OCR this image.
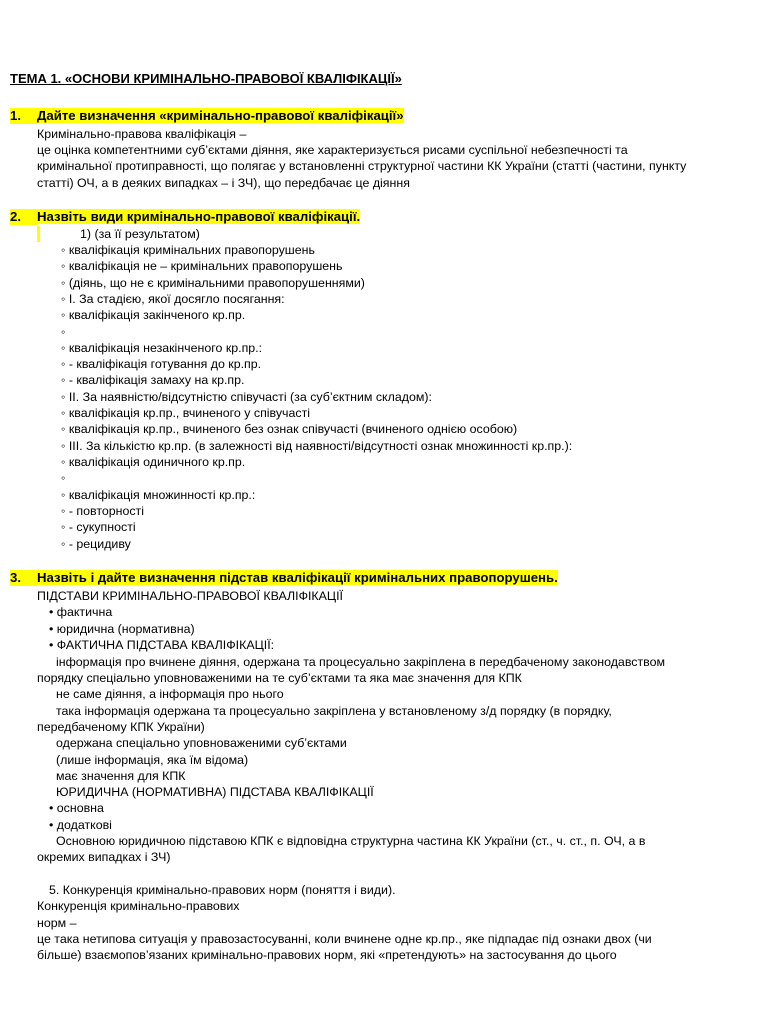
ТЕМА 1. «ОСНОВИ КРИМІНАЛЬНО-ПРАВОВОЇ КВАЛІФІКАЦІЇ»
1. Дайте визначення «кримінально-правової кваліфікації»
Кримінально-правова кваліфікація –
це оцінка компетентними суб’єктами діяння, яке характеризується рисами суспільної небезпечності та
кримінальної протиправності, що полягає у встановленні структурної частини КК України (статті (частини, пункту
статті) ОЧ, а в деяких випадках – і ЗЧ), що передбачає це діяння
2. Назвіть види кримінально-правової кваліфікації.
1) (за її результатом)
◦ кваліфікація кримінальних правопорушень
◦ кваліфікація не – кримінальних правопорушень
◦ (діянь, що не є кримінальними правопорушеннями)
◦ І. За стадією, якої досягло посягання:
◦ кваліфікація закінченого кр.пр.
◦
◦ кваліфікація незакінченого кр.пр.:
◦ - кваліфікація готування до кр.пр.
◦ - кваліфікація замаху на кр.пр.
◦ ІІ. За наявністю/відсутністю співучасті (за суб’єктним складом):
◦ кваліфікація кр.пр., вчиненого у співучасті
◦ кваліфікація кр.пр., вчиненого без ознак співучасті (вчиненого однією особою)
◦ ІІІ. За кількістю кр.пр. (в залежності від наявності/відсутності ознак множинності кр.пр.):
◦ кваліфікація одиничного кр.пр.
◦
◦ кваліфікація множинності кр.пр.:
◦ - повторності
◦ - сукупності
◦ - рецидиву
3. Назвіть і дайте визначення підстав кваліфікації кримінальних правопорушень.
ПІДСТАВИ КРИМІНАЛЬНО-ПРАВОВОЇ КВАЛІФІКАЦІЇ
• фактична
• юридична (нормативна)
• ФАКТИЧНА ПІДСТАВА КВАЛІФІКАЦІЇ:
інформація про вчинене діяння, одержана та процесуально закріплена в передбаченому законодавством
порядку спеціально уповноваженими на те суб’єктами та яка має значення для КПК
не саме діяння, а інформація про нього
така інформація одержана та процесуально закріплена у встановленому з/д порядку (в порядку,
передбаченому КПК України)
одержана спеціально уповноваженими суб’єктами
(лише інформація, яка їм відома)
має значення для КПК
ЮРИДИЧНА (НОРМАТИВНА) ПІДСТАВА КВАЛІФІКАЦІЇ
• основна
• додаткові
Основною юридичною підставою КПК є відповідна структурна частина КК України (ст., ч. ст., п. ОЧ, а в
окремих випадках і ЗЧ)
5. Конкуренція кримінально-правових норм (поняття і види).
Конкуренція кримінально-правових
норм –
це така нетипова ситуація у правозастосуванні, коли вчинене одне кр.пр., яке підпадає під ознаки двох (чи
більше) взаємопов’язаних кримінально-правових норм, які «претендують» на застосування до цього
